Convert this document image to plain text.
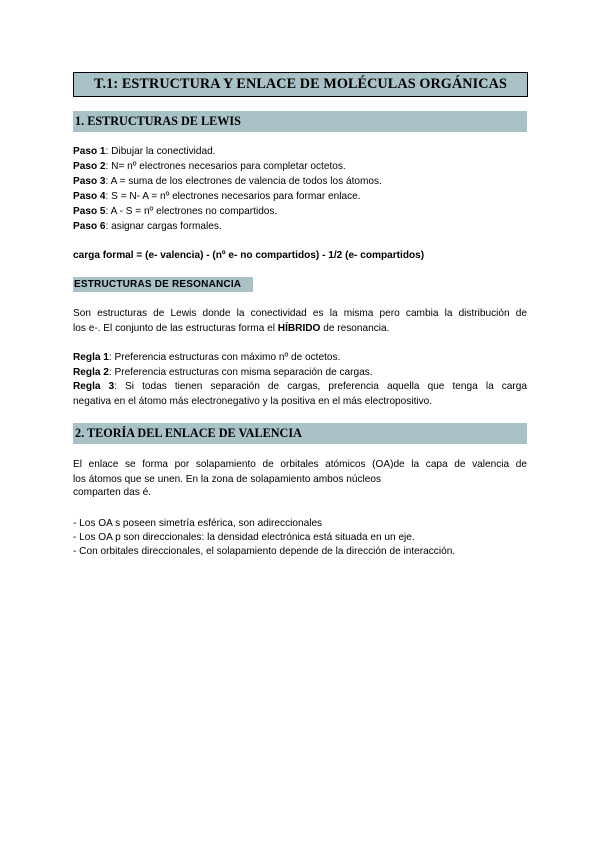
T.1: ESTRUCTURA Y ENLACE DE MOLÉCULAS ORGÁNICAS
1. ESTRUCTURAS DE LEWIS
Paso 1: Dibujar la conectividad.
Paso 2: N= nº electrones necesarios para completar octetos.
Paso 3: A = suma de los electrones de valencia de todos los átomos.
Paso 4: S = N- A = nº electrones necesarios para formar enlace.
Paso 5: A - S = nº electrones no compartidos.
Paso 6: asignar cargas formales.
carga formal = (e- valencia) - (nº e- no compartidos) - 1/2 (e- compartidos)
ESTRUCTURAS DE RESONANCIA
Son estructuras de Lewis donde la conectividad es la misma pero cambia la distribución de
los e-. El conjunto de las estructuras forma el HÍBRIDO de resonancia.
Regla 1: Preferencia estructuras con máximo nº de octetos.
Regla 2: Preferencia estructuras con misma separación de cargas.
Regla 3: Si todas tienen separación de cargas, preferencia aquella que tenga la carga
negativa en el átomo más electronegativo y la positiva en el más electropositivo.
2. TEORÍA DEL ENLACE DE VALENCIA
El enlace se forma por solapamiento de orbitales atómicos (OA)de la capa de valencia de
los átomos que se unen. En la zona de solapamiento ambos núcleos
comparten das é.
- Los OA s poseen simetría esférica, son adireccionales
- Los OA p son direccionales: la densidad electrónica está situada en un eje.
- Con orbitales direccionales, el solapamiento depende de la dirección de interacción.
